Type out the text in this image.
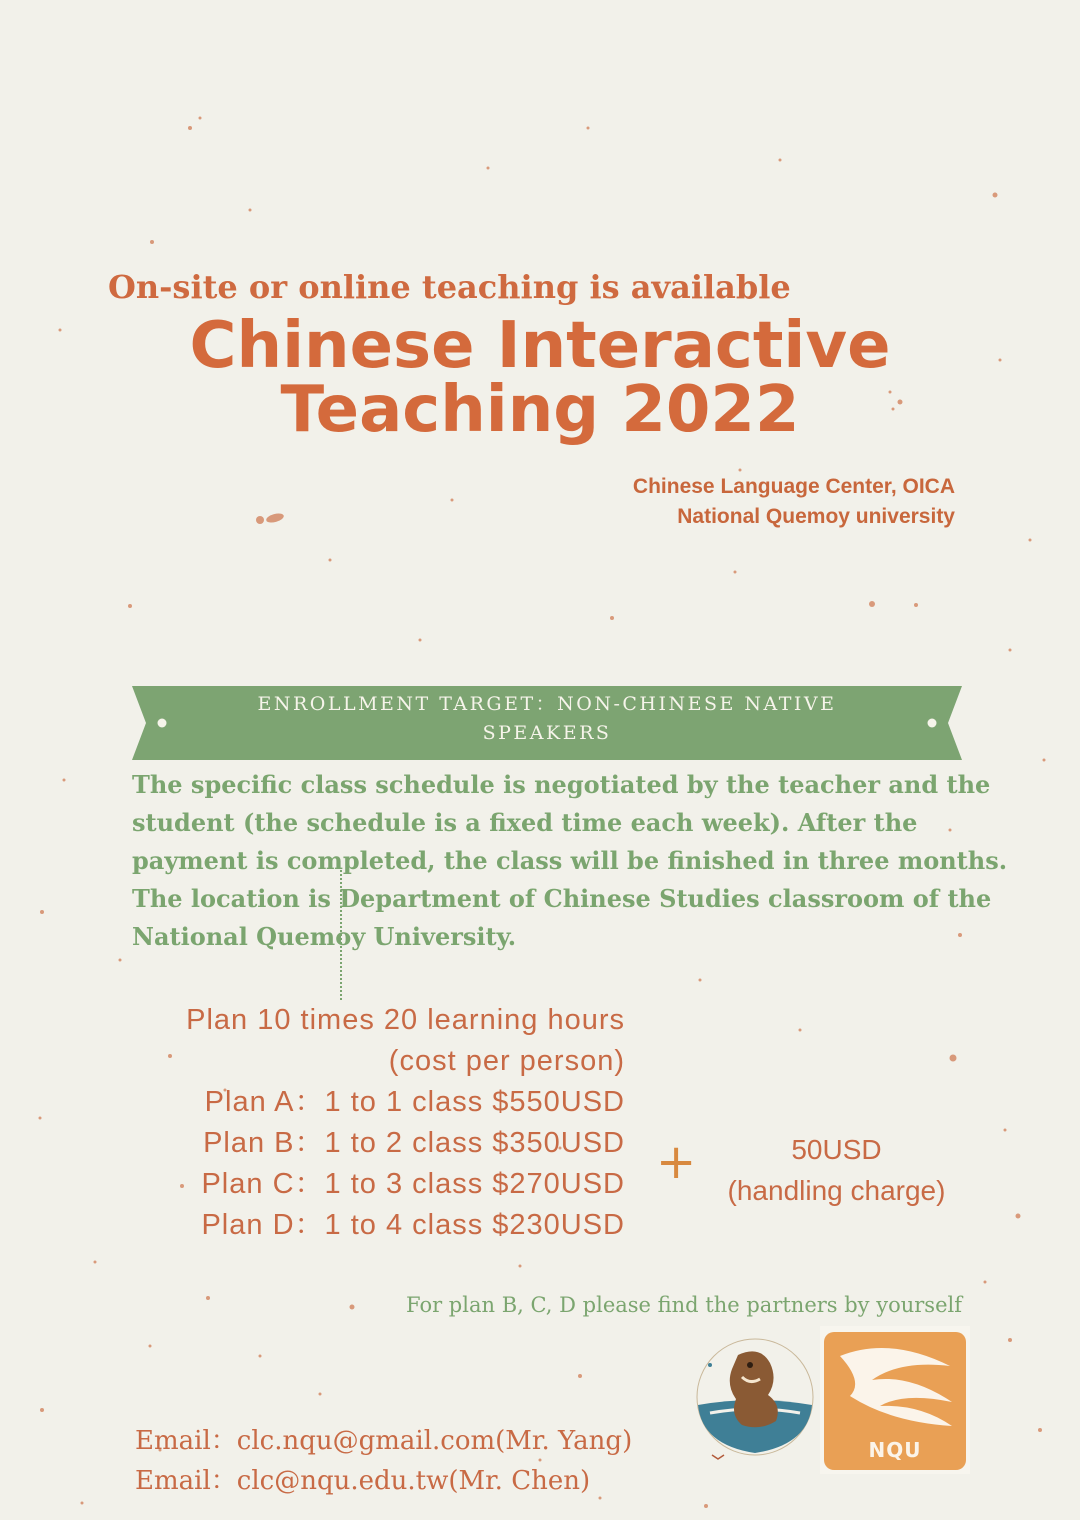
On-site or online teaching is available
Chinese Interactive
Teaching 2022
Chinese Language Center, OICA
National Quemoy university
ENROLLMENT TARGET：NON-CHINESE NATIVE
SPEAKERS

The specific class schedule is negotiated by the teacher and the

student (the schedule is a fixed time each week). After the

payment is completed, the class will be finished in three months.

The location is Department of Chinese Studies classroom of the

National Quemoy University.

Plan 10 times 20 learning hours
(cost per person)
Plan A：1 to 1 class $550USD
Plan B：1 to 2 class $350USD
Plan C：1 to 3 class $270USD
Plan D：1 to 4 class $230USD
+	50USD
(handling charge)
For plan B, C, D please find the partners by yourself
Email：clc.nqu@gmail.com(Mr. Yang)
Email：clc@nqu.edu.tw(Mr. Chen)
NQU
